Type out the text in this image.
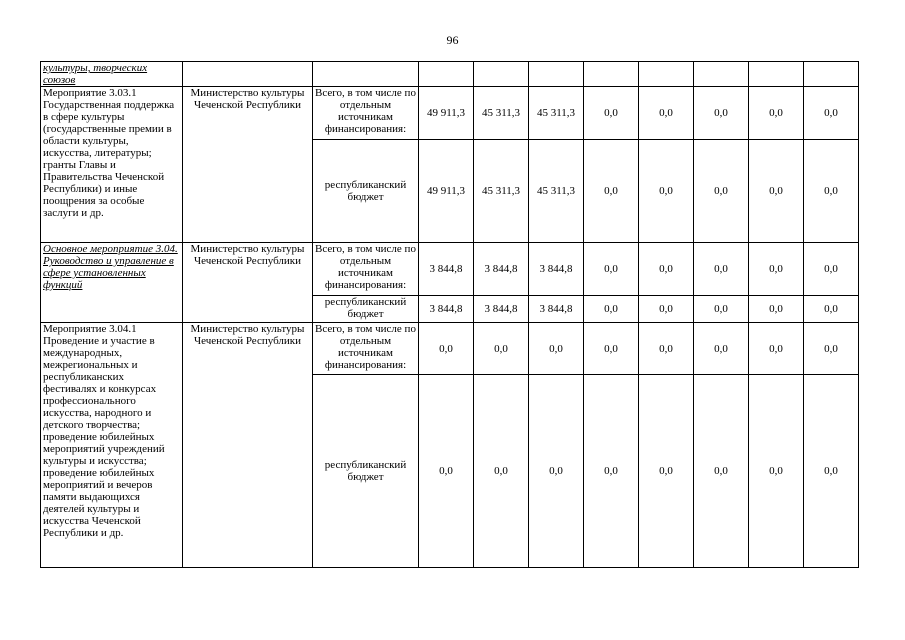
96
культуры, творческих союзов										
Мероприятие 3.03.1 Государственная поддержка в сфере культуры (государственные премии в области культуры, искусства, литературы; гранты Главы и Правительства Чеченской Республики) и иные поощрения за особые заслуги и др.	Министерство культуры Чеченской Республики	Всего, в том числе по отдельным источникам финансирования:	49 911,3	45 311,3	45 311,3	0,0	0,0	0,0	0,0	0,0
		республиканский бюджет	49 911,3	45 311,3	45 311,3	0,0	0,0	0,0	0,0	0,0
Основное мероприятие 3.04. Руководство и управление в сфере установленных функций	Министерство культуры Чеченской Республики	Всего, в том числе по отдельным источникам финансирования:	3 844,8	3 844,8	3 844,8	0,0	0,0	0,0	0,0	0,0
		республиканский бюджет	3 844,8	3 844,8	3 844,8	0,0	0,0	0,0	0,0	0,0
Мероприятие 3.04.1 Проведение и участие в международных, межрегиональных и республиканских фестивалях и конкурсах профессионального искусства, народного и детского творчества; проведение юбилейных мероприятий учреждений культуры и искусства; проведение юбилейных мероприятий и вечеров памяти выдающихся деятелей культуры и искусства Чеченской Республики и др.	Министерство культуры Чеченской Республики	Всего, в том числе по отдельным источникам финансирования:	0,0	0,0	0,0	0,0	0,0	0,0	0,0	0,0
		республиканский бюджет	0,0	0,0	0,0	0,0	0,0	0,0	0,0	0,0
